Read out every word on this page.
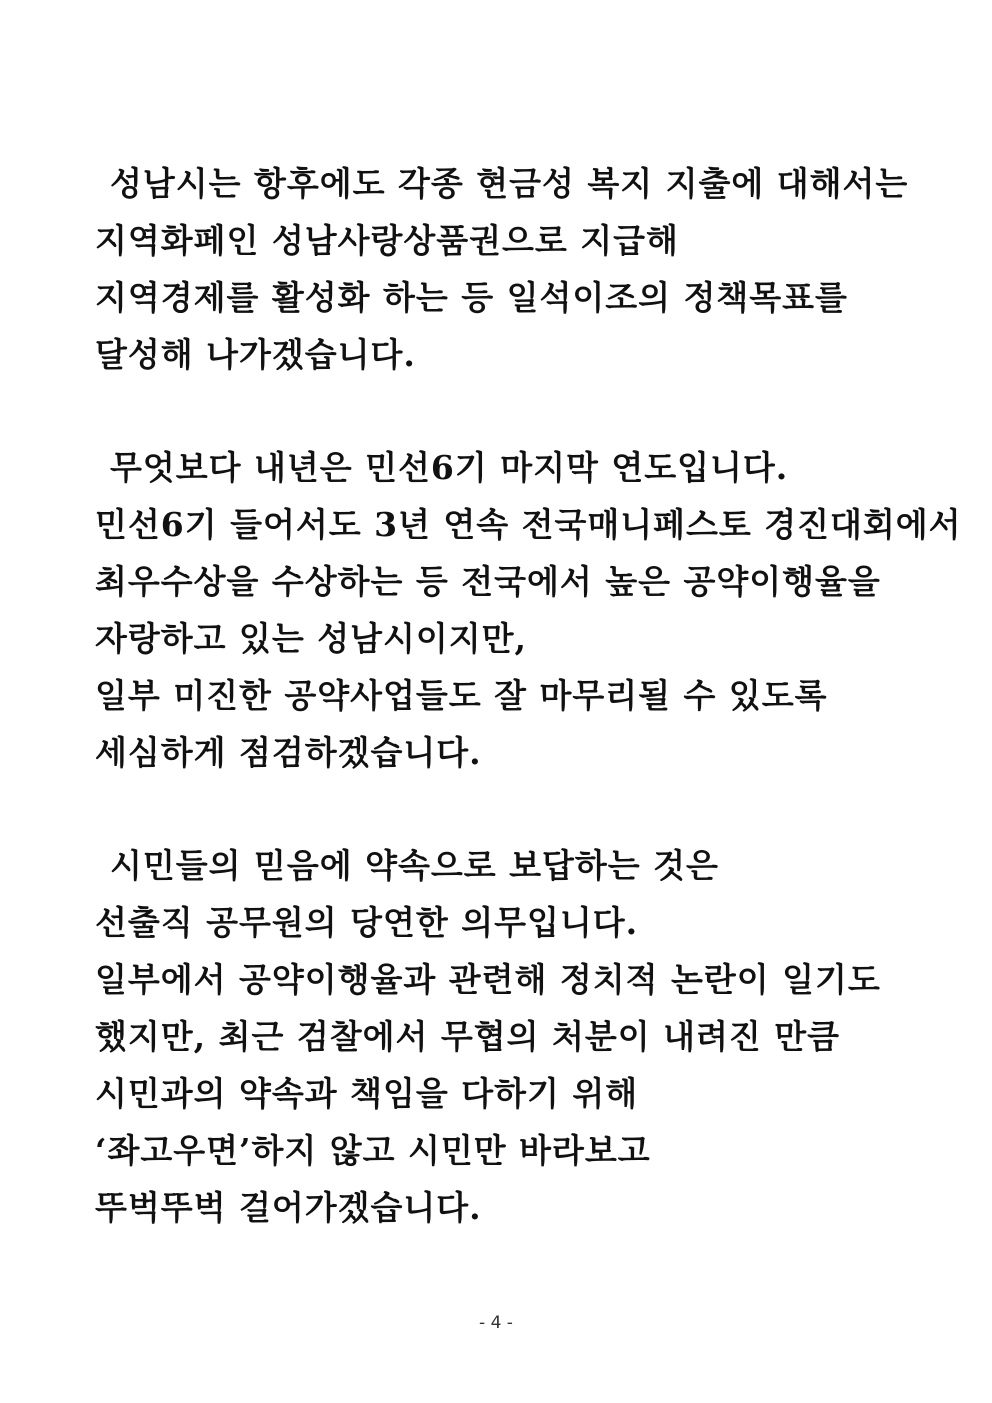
성남시는 항후에도 각종 현금성 복지 지출에 대해서는
지역화페인 성남사랑상품권으로 지급해
지역경제를 활성화 하는 등 일석이조의 정책목표를
달성해 나가겠습니다.
무엇보다 내년은 민선6기 마지막 연도입니다.
민선6기 들어서도 3년 연속 전국매니페스토 경진대회에서
최우수상을 수상하는 등 전국에서 높은 공약이행율을
자랑하고 있는 성남시이지만,
일부 미진한 공약사업들도 잘 마무리될 수 있도록
세심하게 점검하겠습니다.
시민들의 믿음에 약속으로 보답하는 것은
선출직 공무원의 당연한 의무입니다.
일부에서 공약이행율과 관련해 정치적 논란이 일기도
했지만, 최근 검찰에서 무협의 처분이 내려진 만큼
시민과의 약속과 책임을 다하기 위해
‘좌고우면’하지 않고 시민만 바라보고
뚜벅뚜벅 걸어가겠습니다.
- 4 -
